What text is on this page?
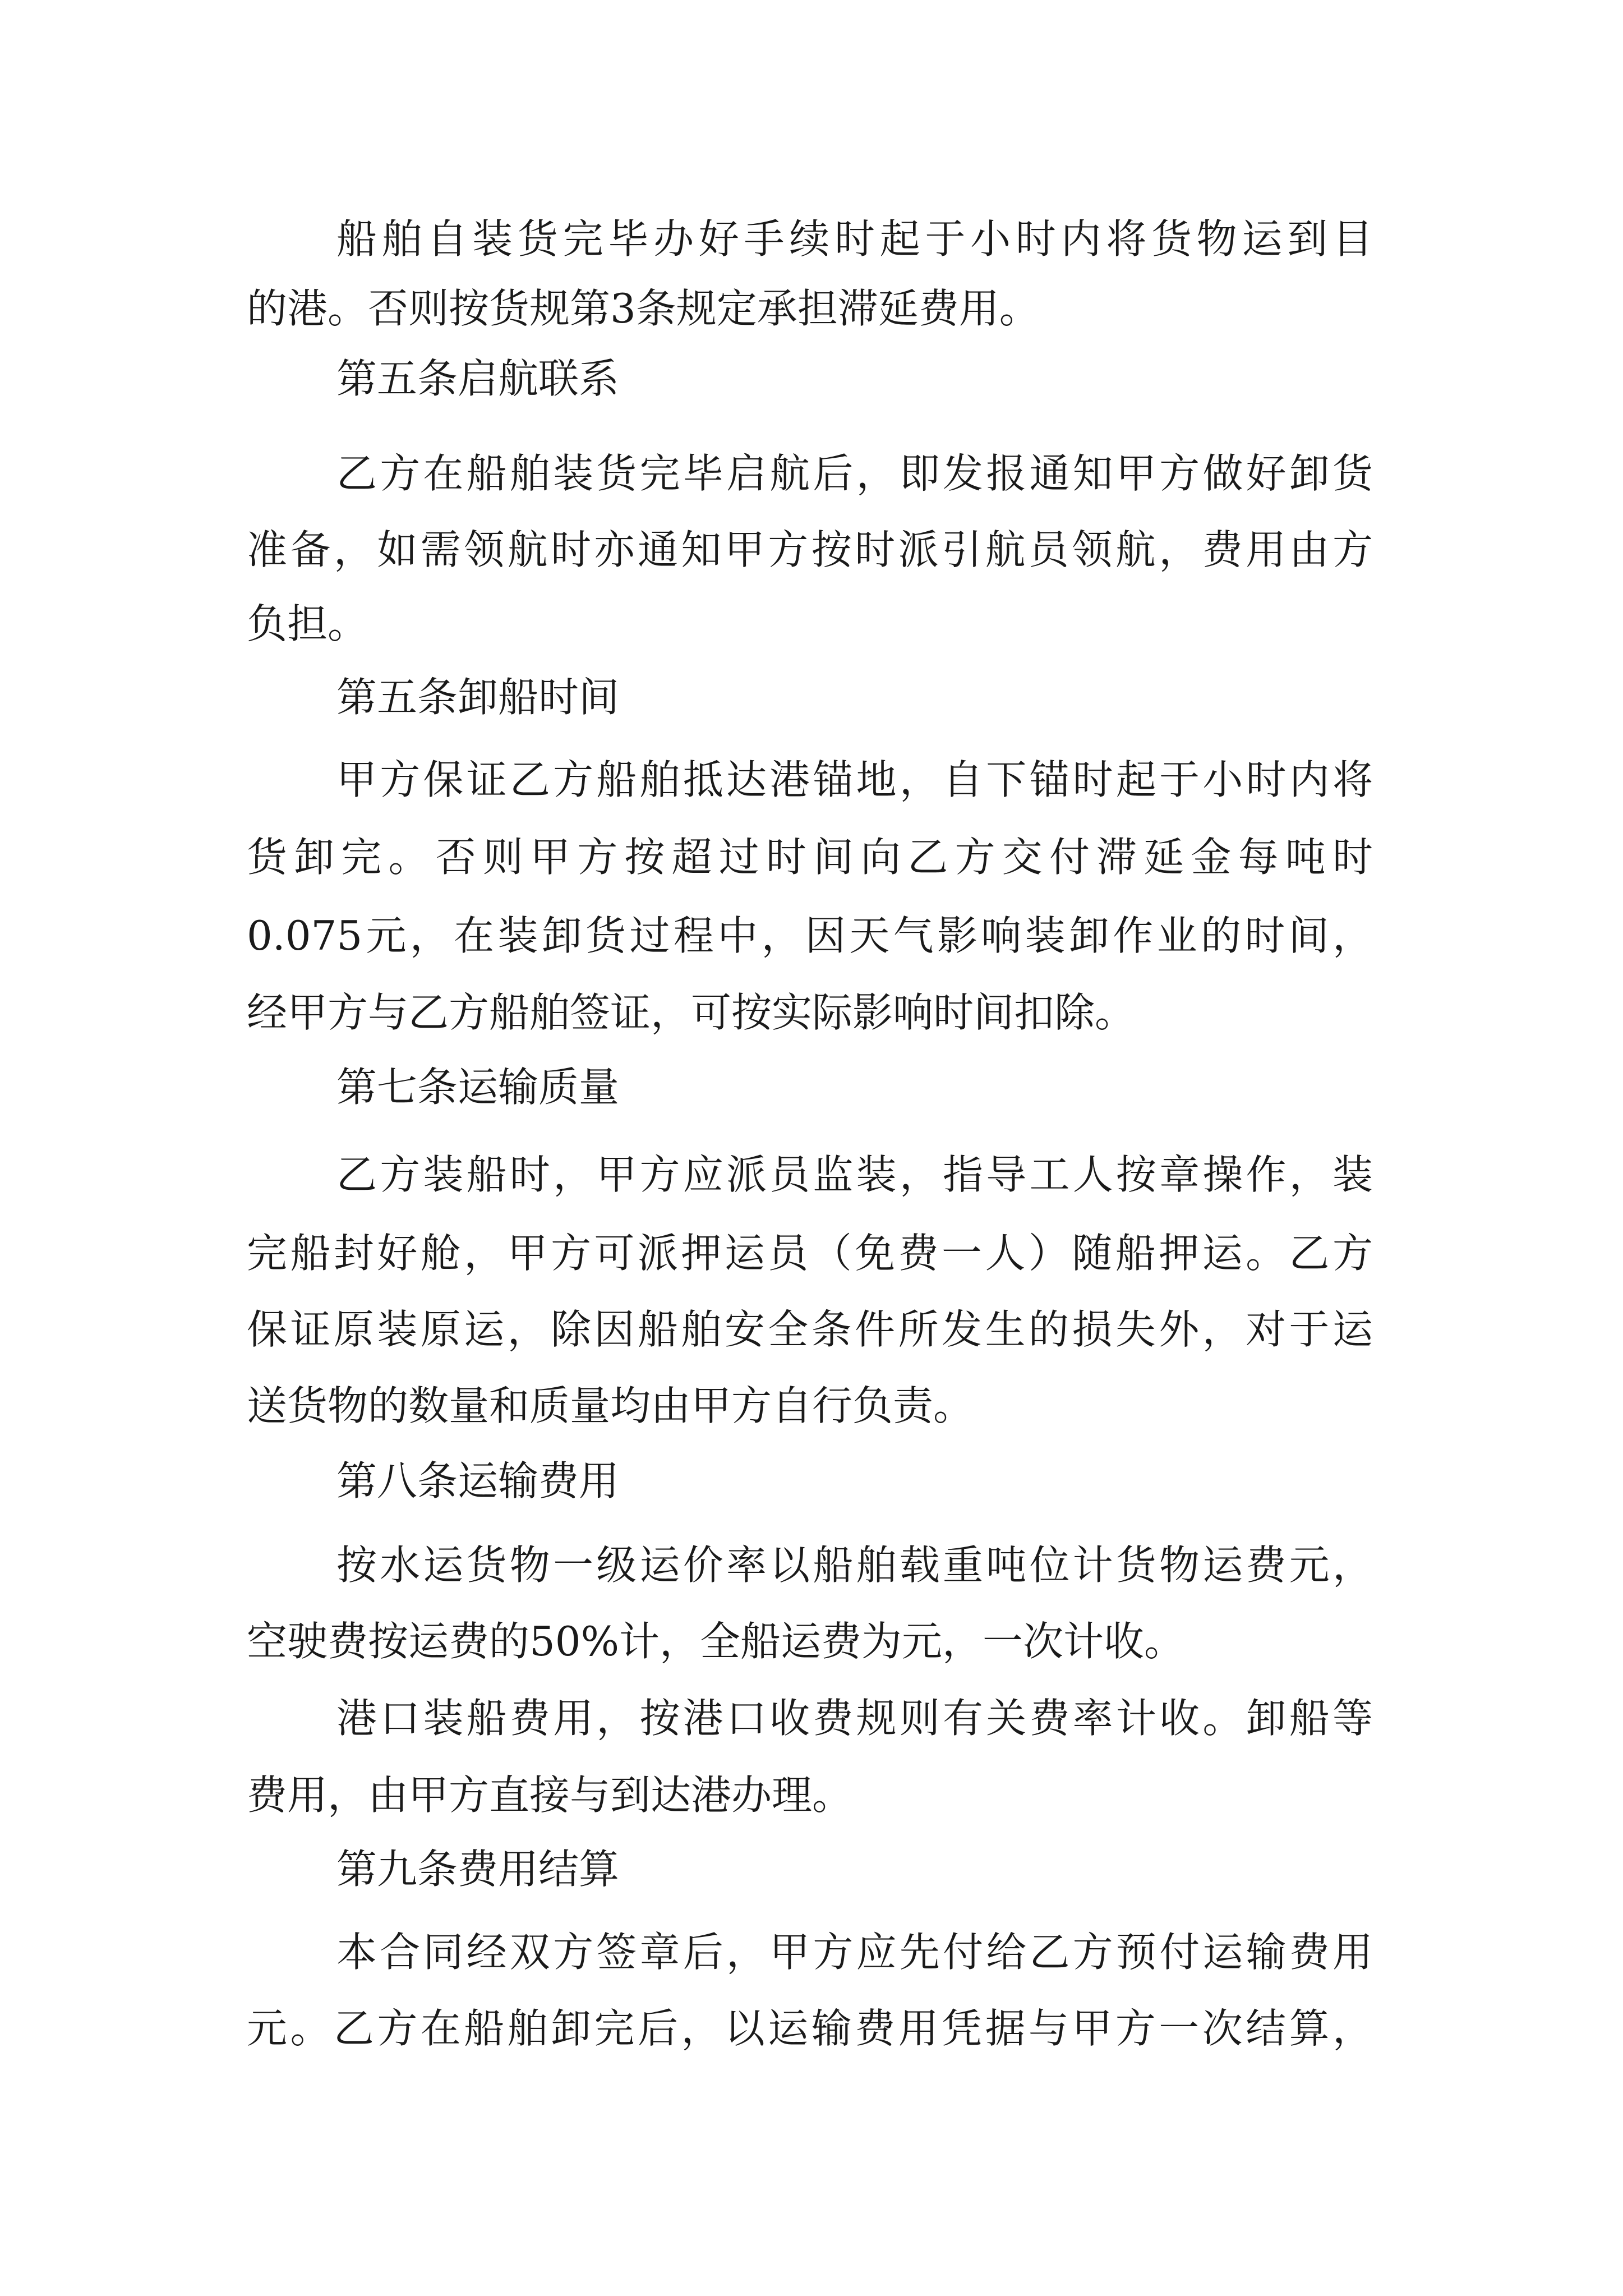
船舶自装货完毕办好手续时起于小时内将货物运到目
的港。否则按货规第3条规定承担滞延费用。
第五条启航联系
乙方在船舶装货完毕启航后，即发报通知甲方做好卸货
准备，如需领航时亦通知甲方按时派引航员领航，费用由方
负担。
第五条卸船时间
甲方保证乙方船舶抵达港锚地，自下锚时起于小时内将
货卸完。否则甲方按超过时间向乙方交付滞延金每吨时
0.075元，在装卸货过程中，因天气影响装卸作业的时间，
经甲方与乙方船舶签证，可按实际影响时间扣除。
第七条运输质量
乙方装船时，甲方应派员监装，指导工人按章操作，装
完船封好舱，甲方可派押运员（免费一人）随船押运。乙方
保证原装原运，除因船舶安全条件所发生的损失外，对于运
送货物的数量和质量均由甲方自行负责。
第八条运输费用
按水运货物一级运价率以船舶载重吨位计货物运费元，
空驶费按运费的50%计，全船运费为元，一次计收。
港口装船费用，按港口收费规则有关费率计收。卸船等
费用，由甲方直接与到达港办理。
第九条费用结算
本合同经双方签章后，甲方应先付给乙方预付运输费用
元。乙方在船舶卸完后，以运输费用凭据与甲方一次结算，
